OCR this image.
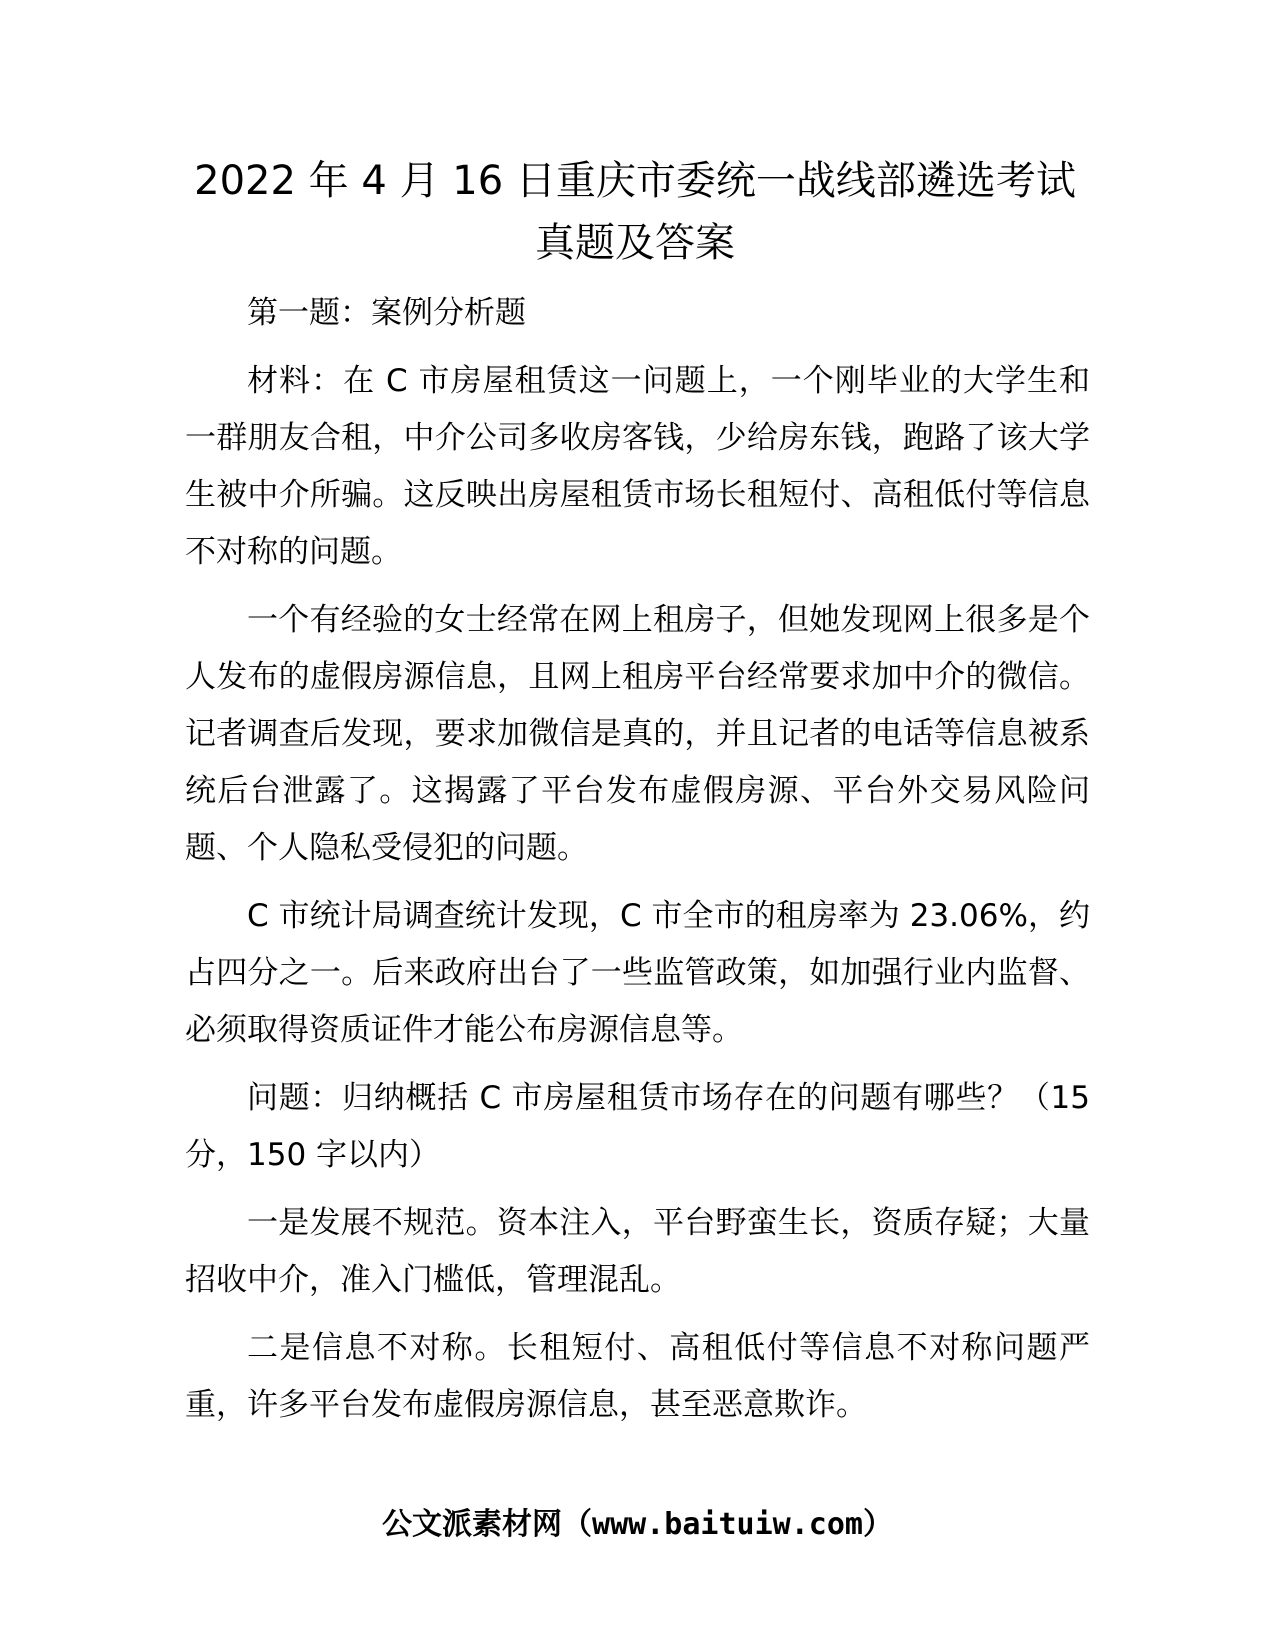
2022 年 4 月 16 日重庆市委统一战线部遴选考试
真题及答案

第一题：案例分析题

材料：在 C 市房屋租赁这一问题上，一个刚毕业的大学生和一群朋友合租，中介公司多收房客钱，少给房东钱，跑路了该大学生被中介所骗。这反映出房屋租赁市场长租短付、高租低付等信息不对称的问题。

一个有经验的女士经常在网上租房子，但她发现网上很多是个人发布的虚假房源信息，且网上租房平台经常要求加中介的微信。记者调查后发现，要求加微信是真的，并且记者的电话等信息被系统后台泄露了。这揭露了平台发布虚假房源、平台外交易风险问题、个人隐私受侵犯的问题。

C 市统计局调查统计发现，C 市全市的租房率为 23.06%，约占四分之一。后来政府出台了一些监管政策，如加强行业内监督、必须取得资质证件才能公布房源信息等。

问题：归纳概括 C 市房屋租赁市场存在的问题有哪些？（15 分，150 字以内）

一是发展不规范。资本注入，平台野蛮生长，资质存疑；大量招收中介，准入门槛低，管理混乱。

二是信息不对称。长租短付、高租低付等信息不对称问题严重，许多平台发布虚假房源信息，甚至恶意欺诈。

公文派素材网（www.baituiw.com）
